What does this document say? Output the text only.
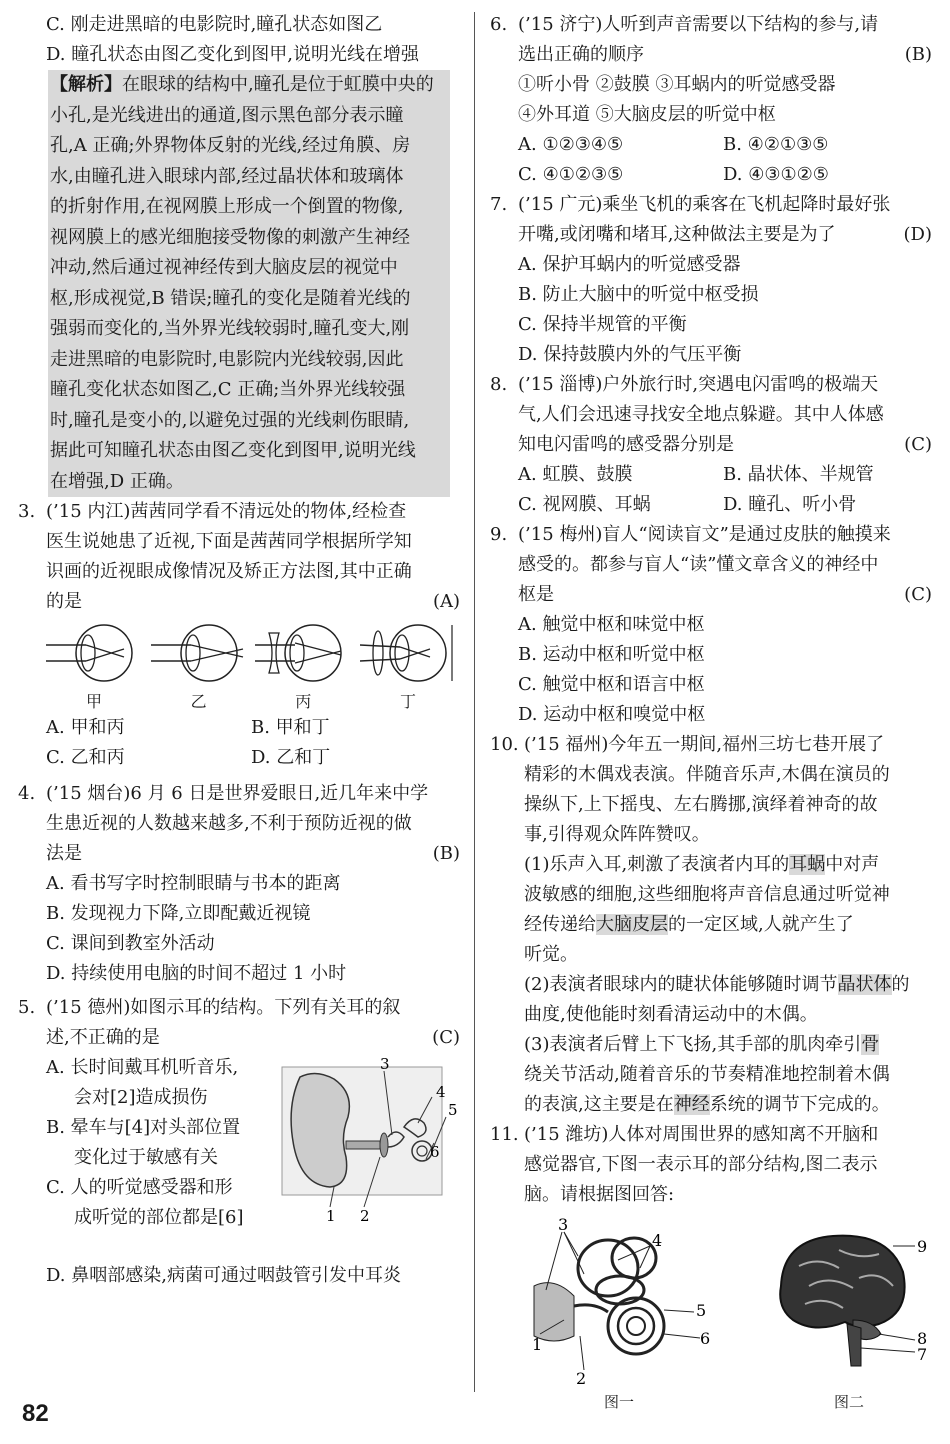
C. 刚走进黑暗的电影院时,瞳孔状态如图乙
D. 瞳孔状态由图乙变化到图甲,说明光线在增强
【解析】在眼球的结构中,瞳孔是位于虹膜中央的
小孔,是光线进出的通道,图示黑色部分表示瞳
孔,A 正确;外界物体反射的光线,经过角膜、房
水,由瞳孔进入眼球内部,经过晶状体和玻璃体
的折射作用,在视网膜上形成一个倒置的物像,
视网膜上的感光细胞接受物像的刺激产生神经
冲动,然后通过视神经传到大脑皮层的视觉中
枢,形成视觉,B 错误;瞳孔的变化是随着光线的
强弱而变化的,当外界光线较弱时,瞳孔变大,刚
走进黑暗的电影院时,电影院内光线较弱,因此
瞳孔变化状态如图乙,C 正确;当外界光线较强
时,瞳孔是变小的,以避免过强的光线刺伤眼睛,
据此可知瞳孔状态由图乙变化到图甲,说明光线
在增强,D 正确。
3. (’15 内江)茜茜同学看不清远处的物体,经检查
医生说她患了近视,下面是茜茜同学根据所学知
识画的近视眼成像情况及矫正方法图,其中正确
的是	(A)
甲	乙	丙	丁
A. 甲和丙	B. 甲和丁
C. 乙和丙	D. 乙和丁
4. (’15 烟台)6 月 6 日是世界爱眼日,近几年来中学
生患近视的人数越来越多,不利于预防近视的做
法是	(B)
A. 看书写字时控制眼睛与书本的距离
B. 发现视力下降,立即配戴近视镜
C. 课间到教室外活动
D. 持续使用电脑的时间不超过 1 小时
5. (’15 德州)如图示耳的结构。下列有关耳的叙
述,不正确的是	(C)
A. 长时间戴耳机听音乐,
会对[2]造成损伤
B. 晕车与[4]对头部位置
变化过于敏感有关
C. 人的听觉感受器和形
成听觉的部位都是[6]	1 2
3
4
5
6
D. 鼻咽部感染,病菌可通过咽鼓管引发中耳炎
6. (’15 济宁)人听到声音需要以下结构的参与,请
选出正确的顺序	(B)
①听小骨 ②鼓膜 ③耳蜗内的听觉感受器
④外耳道 ⑤大脑皮层的听觉中枢
A. ①②③④⑤	B. ④②①③⑤
C. ④①②③⑤	D. ④③①②⑤
7. (’15 广元)乘坐飞机的乘客在飞机起降时最好张
开嘴,或闭嘴和堵耳,这种做法主要是为了	(D)
A. 保护耳蜗内的听觉感受器
B. 防止大脑中的听觉中枢受损
C. 保持半规管的平衡
D. 保持鼓膜内外的气压平衡
8. (’15 淄博)户外旅行时,突遇电闪雷鸣的极端天
气,人们会迅速寻找安全地点躲避。其中人体感
知电闪雷鸣的感受器分别是	(C)
A. 虹膜、鼓膜	B. 晶状体、半规管
C. 视网膜、耳蜗	D. 瞳孔、听小骨
9. (’15 梅州)盲人“阅读盲文”是通过皮肤的触摸来
感受的。都参与盲人“读”懂文章含义的神经中
枢是	(C)
A. 触觉中枢和味觉中枢
B. 运动中枢和听觉中枢
C. 触觉中枢和语言中枢
D. 运动中枢和嗅觉中枢
10. (’15 福州)今年五一期间,福州三坊七巷开展了
精彩的木偶戏表演。伴随音乐声,木偶在演员的
操纵下,上下摇曳、左右腾挪,演绎着神奇的故
事,引得观众阵阵赞叹。
(1)乐声入耳,刺激了表演者内耳的耳蜗中对声
波敏感的细胞,这些细胞将声音信息通过听觉神
经传递给大脑皮层的一定区域,人就产生了
听觉。
(2)表演者眼球内的睫状体能够随时调节晶状体的
曲度,使他能时刻看清运动中的木偶。
(3)表演者后臂上下飞扬,其手部的肌肉牵引骨
绕关节活动,随着音乐的节奏精准地控制着木偶
的表演,这主要是在神经系统的调节下完成的。
11. (’15 潍坊)人体对周围世界的感知离不开脑和
感觉器官,下图一表示耳的部分结构,图二表示
脑。请根据图回答:
1
2
3
4
5
6
图一
9
8
7
图二
82
